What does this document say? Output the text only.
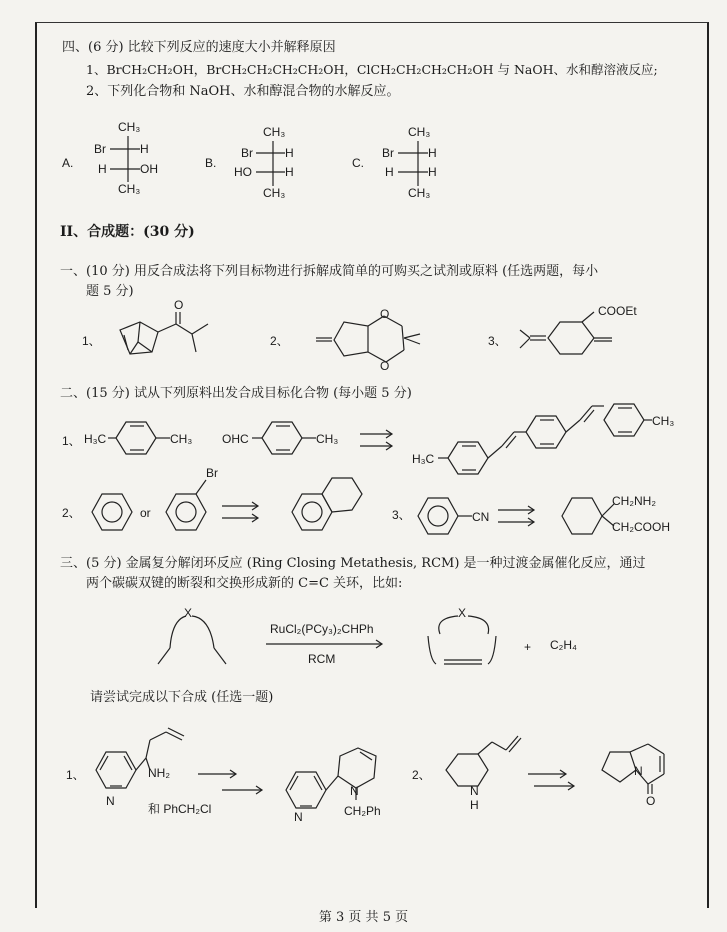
四、(6 分) 比较下列反应的速度大小并解释原因
1、BrCH₂CH₂OH，BrCH₂CH₂CH₂CH₂OH，ClCH₂CH₂CH₂CH₂OH 与 NaOH、水和醇溶液反应;
2、下列化合物和 NaOH、水和醇混合物的水解反应。
A.
CH₃
Br	H
H	OH
CH₃
B.
CH₃
Br	H
HO	H
CH₃
C.
CH₃
Br	H
H	H
CH₃
II、合成题：(30 分)
一、(10 分) 用反合成法将下列目标物进行拆解成简单的可购买之试剂或原料 (任选两题，每小
题 5 分)
1、
O
2、
O
O
3、
COOEt
二、(15 分) 试从下列原料出发合成目标化合物 (每小题 5 分)
1、 H₃C	CH₃ OHC	CH₃
H₃C
CH₃
2、	or
Br
3、	CN
CH₂NH₂
CH₂COOH
三、(5 分) 金属复分解闭环反应 (Ring Closing Metathesis, RCM) 是一种过渡金属催化反应，通过
两个碳碳双键的断裂和交换形成新的 C=C 关环，比如:
X
RuCl₂(PCy₃)₂CHPh
RCM
X
+ C₂H₄
请尝试完成以下合成 (任选一题)
1、
N
NH₂
和 PhCH₂Cl
N
N
CH₂Ph
2、
N
H
N
O
第 3 页 共 5 页
